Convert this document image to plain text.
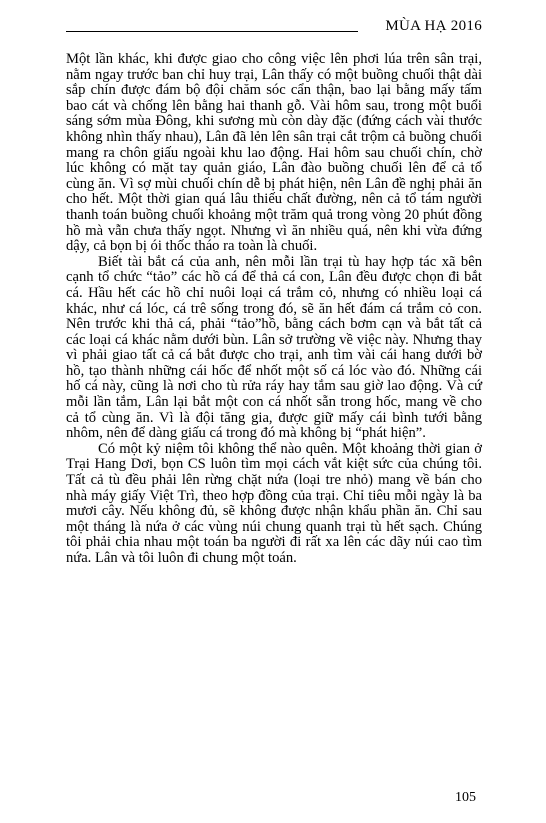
MÙA HẠ 2016

Một lần khác, khi được giao cho công việc lên phơi lúa trên sân trại, nằm ngay trước ban chỉ huy trại, Lân thấy có một buồng chuối thật dài sắp chín được đám bộ đội chăm sóc cẩn thận, bao lại bằng mấy tấm bao cát và chống lên bằng hai thanh gỗ. Vài hôm sau, trong một buổi sáng sớm mùa Đông, khi sương mù còn dày đặc (đứng cách vài thước không nhìn thấy nhau), Lân đã lẻn lên sân trại cắt trộm cả buồng chuối mang ra chôn giấu ngoài khu lao động. Hai hôm sau chuối chín, chờ lúc không có mặt tay quản giáo, Lân đào buồng chuối lên để cả tổ cùng ăn. Vì sợ mùi chuối chín dễ bị phát hiện, nên Lân đề nghị phải ăn cho hết. Một thời gian quá lâu thiếu chất đường, nên cả tổ tám người thanh toán buồng chuối khoảng một trăm quả trong vòng 20 phút đồng hồ mà vẫn chưa thấy ngọt. Nhưng vì ăn nhiều quá, nên khi vừa đứng dậy, cả bọn bị ói thốc tháo ra toàn là chuối.

Biết tài bắt cá của anh, nên mỗi lần trại tù hay hợp tác xã bên cạnh tổ chức “tảo” các hồ cá để thả cá con, Lân đều được chọn đi bắt cá. Hầu hết các hồ chỉ nuôi loại cá trắm cỏ, nhưng có nhiều loại cá khác, như cá lóc, cá trê sống trong đó, sẽ ăn hết đám cá trắm cỏ con. Nên trước khi thả cá, phải “tảo”hồ, bằng cách bơm cạn và bắt tất cả các loại cá khác nằm dưới bùn. Lân sở trường về việc này. Nhưng thay vì phải giao tất cả cá bắt được cho trại, anh tìm vài cái hang dưới bờ hồ, tạo thành những cái hốc để nhốt một số cá lóc vào đó. Những cái hố cá này, cũng là nơi cho tù rửa ráy hay tắm sau giờ lao động. Và cứ mỗi lần tắm, Lân lại bắt một con cá nhốt sẵn trong hốc, mang về cho cả tổ cùng ăn. Vì là đội tăng gia, được giữ mấy cái bình tưới bằng nhôm, nên để dàng giấu cá trong đó mà không bị “phát hiện”.

Có một kỷ niệm tôi không thể nào quên. Một khoảng thời gian ở Trại Hang Dơi, bọn CS luôn tìm mọi cách vắt kiệt sức của chúng tôi. Tất cả tù đều phải lên rừng chặt nứa (loại tre nhỏ) mang về bán cho nhà máy giấy Việt Trì, theo hợp đồng của trại. Chỉ tiêu mỗi ngày là ba mươi cây. Nếu không đủ, sẽ không được nhận khẩu phần ăn. Chỉ sau một tháng là nứa ở các vùng núi chung quanh trại tù hết sạch. Chúng tôi phải chia nhau một toán ba người đi rất xa lên các dãy núi cao tìm nứa. Lân và tôi luôn đi chung một toán.

105
